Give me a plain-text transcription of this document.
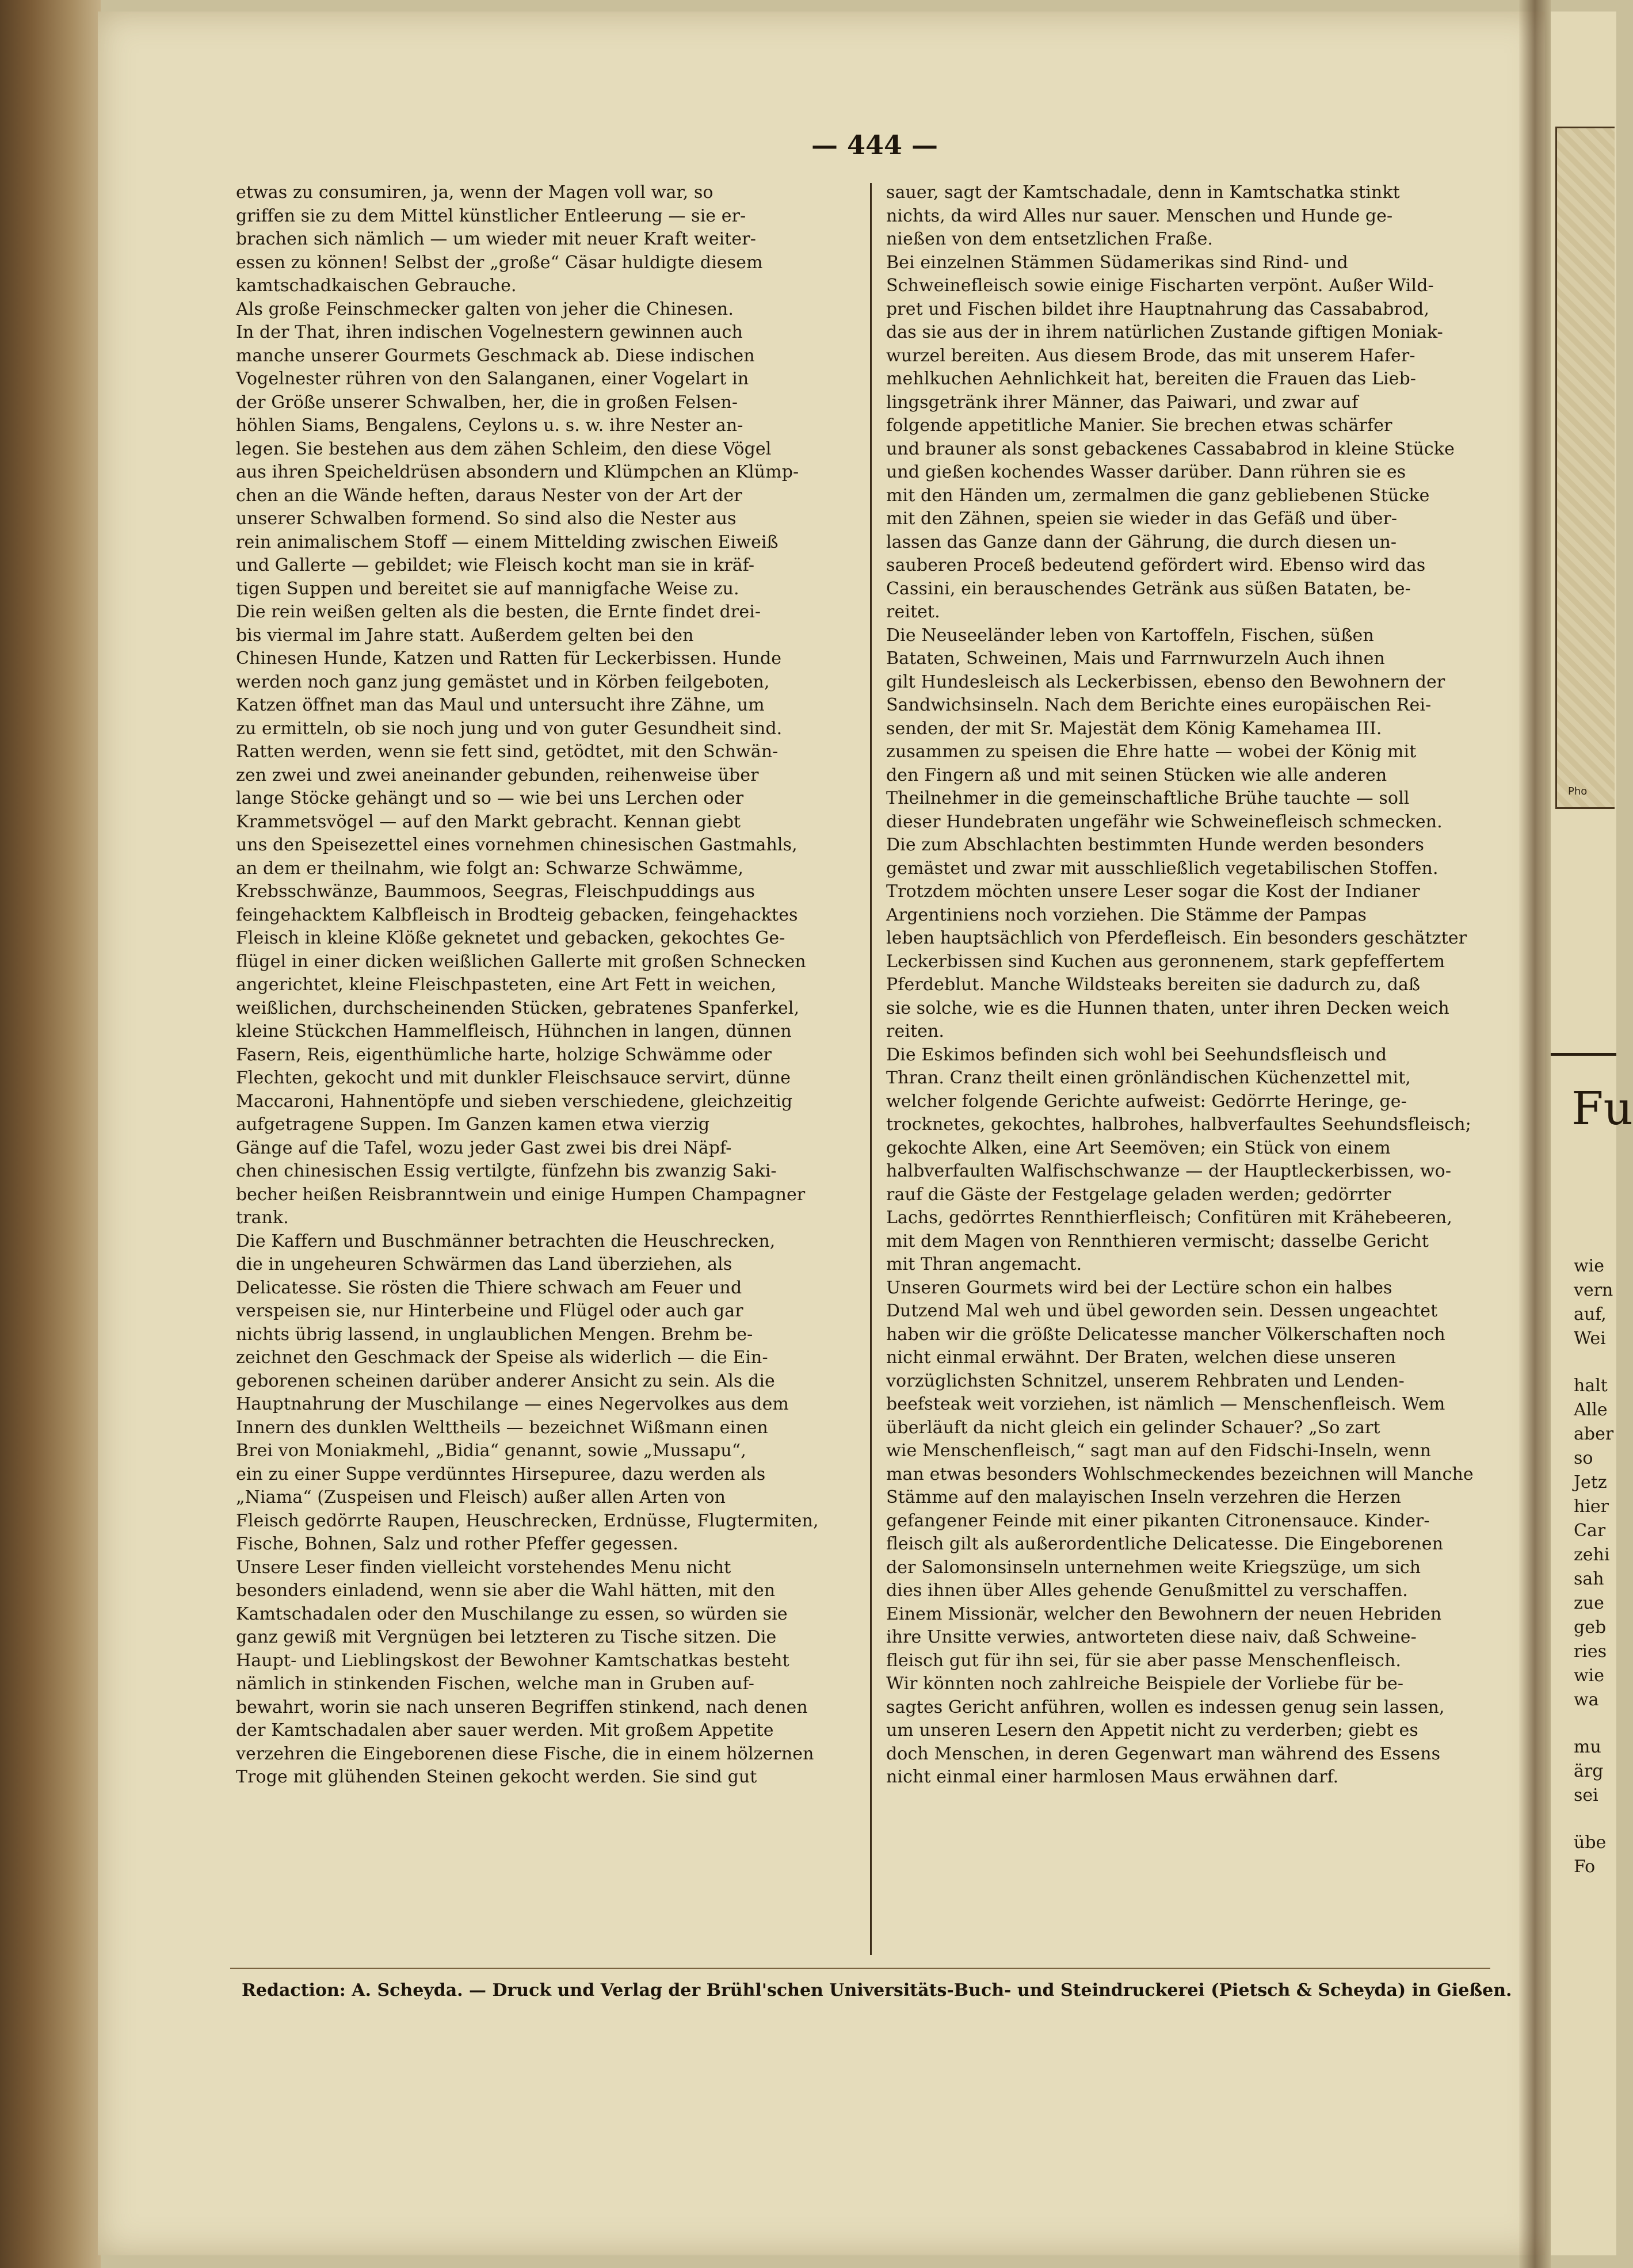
— 444 —
etwas zu consumiren, ja, wenn der Magen voll war, so
griffen sie zu dem Mittel künstlicher Entleerung — sie er-
brachen sich nämlich — um wieder mit neuer Kraft weiter-
essen zu können! Selbst der „große“ Cäsar huldigte diesem
kamtschadkaischen Gebrauche.
Als große Feinschmecker galten von jeher die Chinesen.
In der That, ihren indischen Vogelnestern gewinnen auch
manche unserer Gourmets Geschmack ab. Diese indischen
Vogelnester rühren von den Salanganen, einer Vogelart in
der Größe unserer Schwalben, her, die in großen Felsen-
höhlen Siams, Bengalens, Ceylons u. s. w. ihre Nester an-
legen. Sie bestehen aus dem zähen Schleim, den diese Vögel
aus ihren Speicheldrüsen absondern und Klümpchen an Klümp-
chen an die Wände heften, daraus Nester von der Art der
unserer Schwalben formend. So sind also die Nester aus
rein animalischem Stoff — einem Mittelding zwischen Eiweiß
und Gallerte — gebildet; wie Fleisch kocht man sie in kräf-
tigen Suppen und bereitet sie auf mannigfache Weise zu.
Die rein weißen gelten als die besten, die Ernte findet drei-
bis viermal im Jahre statt. Außerdem gelten bei den
Chinesen Hunde, Katzen und Ratten für Leckerbissen. Hunde
werden noch ganz jung gemästet und in Körben feilgeboten,
Katzen öffnet man das Maul und untersucht ihre Zähne, um
zu ermitteln, ob sie noch jung und von guter Gesundheit sind.
Ratten werden, wenn sie fett sind, getödtet, mit den Schwän-
zen zwei und zwei aneinander gebunden, reihenweise über
lange Stöcke gehängt und so — wie bei uns Lerchen oder
Krammetsvögel — auf den Markt gebracht. Kennan giebt
uns den Speisezettel eines vornehmen chinesischen Gastmahls,
an dem er theilnahm, wie folgt an: Schwarze Schwämme,
Krebsschwänze, Baummoos, Seegras, Fleischpuddings aus
feingehacktem Kalbfleisch in Brodteig gebacken, feingehacktes
Fleisch in kleine Klöße geknetet und gebacken, gekochtes Ge-
flügel in einer dicken weißlichen Gallerte mit großen Schnecken
angerichtet, kleine Fleischpasteten, eine Art Fett in weichen,
weißlichen, durchscheinenden Stücken, gebratenes Spanferkel,
kleine Stückchen Hammelfleisch, Hühnchen in langen, dünnen
Fasern, Reis, eigenthümliche harte, holzige Schwämme oder
Flechten, gekocht und mit dunkler Fleischsauce servirt, dünne
Maccaroni, Hahnentöpfe und sieben verschiedene, gleichzeitig
aufgetragene Suppen. Im Ganzen kamen etwa vierzig
Gänge auf die Tafel, wozu jeder Gast zwei bis drei Näpf-
chen chinesischen Essig vertilgte, fünfzehn bis zwanzig Saki-
becher heißen Reisbranntwein und einige Humpen Champagner
trank.
Die Kaffern und Buschmänner betrachten die Heuschrecken,
die in ungeheuren Schwärmen das Land überziehen, als
Delicatesse. Sie rösten die Thiere schwach am Feuer und
verspeisen sie, nur Hinterbeine und Flügel oder auch gar
nichts übrig lassend, in unglaublichen Mengen. Brehm be-
zeichnet den Geschmack der Speise als widerlich — die Ein-
geborenen scheinen darüber anderer Ansicht zu sein. Als die
Hauptnahrung der Muschilange — eines Negervolkes aus dem
Innern des dunklen Welttheils — bezeichnet Wißmann einen
Brei von Moniakmehl, „Bidia“ genannt, sowie „Mussapu“,
ein zu einer Suppe verdünntes Hirsepuree, dazu werden als
„Niama“ (Zuspeisen und Fleisch) außer allen Arten von
Fleisch gedörrte Raupen, Heuschrecken, Erdnüsse, Flugtermiten,
Fische, Bohnen, Salz und rother Pfeffer gegessen.
Unsere Leser finden vielleicht vorstehendes Menu nicht
besonders einladend, wenn sie aber die Wahl hätten, mit den
Kamtschadalen oder den Muschilange zu essen, so würden sie
ganz gewiß mit Vergnügen bei letzteren zu Tische sitzen. Die
Haupt- und Lieblingskost der Bewohner Kamtschatkas besteht
nämlich in stinkenden Fischen, welche man in Gruben auf-
bewahrt, worin sie nach unseren Begriffen stinkend, nach denen
der Kamtschadalen aber sauer werden. Mit großem Appetite
verzehren die Eingeborenen diese Fische, die in einem hölzernen
Troge mit glühenden Steinen gekocht werden. Sie sind gut
sauer, sagt der Kamtschadale, denn in Kamtschatka stinkt
nichts, da wird Alles nur sauer. Menschen und Hunde ge-
nießen von dem entsetzlichen Fraße.
Bei einzelnen Stämmen Südamerikas sind Rind- und
Schweinefleisch sowie einige Fischarten verpönt. Außer Wild-
pret und Fischen bildet ihre Hauptnahrung das Cassababrod,
das sie aus der in ihrem natürlichen Zustande giftigen Moniak-
wurzel bereiten. Aus diesem Brode, das mit unserem Hafer-
mehlkuchen Aehnlichkeit hat, bereiten die Frauen das Lieb-
lingsgetränk ihrer Männer, das Paiwari, und zwar auf
folgende appetitliche Manier. Sie brechen etwas schärfer
und brauner als sonst gebackenes Cassababrod in kleine Stücke
und gießen kochendes Wasser darüber. Dann rühren sie es
mit den Händen um, zermalmen die ganz gebliebenen Stücke
mit den Zähnen, speien sie wieder in das Gefäß und über-
lassen das Ganze dann der Gährung, die durch diesen un-
sauberen Proceß bedeutend gefördert wird. Ebenso wird das
Cassini, ein berauschendes Getränk aus süßen Bataten, be-
reitet.
Die Neuseeländer leben von Kartoffeln, Fischen, süßen
Bataten, Schweinen, Mais und Farrnwurzeln Auch ihnen
gilt Hundesleisch als Leckerbissen, ebenso den Bewohnern der
Sandwichsinseln. Nach dem Berichte eines europäischen Rei-
senden, der mit Sr. Majestät dem König Kamehamea III.
zusammen zu speisen die Ehre hatte — wobei der König mit
den Fingern aß und mit seinen Stücken wie alle anderen
Theilnehmer in die gemeinschaftliche Brühe tauchte — soll
dieser Hundebraten ungefähr wie Schweinefleisch schmecken.
Die zum Abschlachten bestimmten Hunde werden besonders
gemästet und zwar mit ausschließlich vegetabilischen Stoffen.
Trotzdem möchten unsere Leser sogar die Kost der Indianer
Argentiniens noch vorziehen. Die Stämme der Pampas
leben hauptsächlich von Pferdefleisch. Ein besonders geschätzter
Leckerbissen sind Kuchen aus geronnenem, stark gepfeffertem
Pferdeblut. Manche Wildsteaks bereiten sie dadurch zu, daß
sie solche, wie es die Hunnen thaten, unter ihren Decken weich
reiten.
Die Eskimos befinden sich wohl bei Seehundsfleisch und
Thran. Cranz theilt einen grönländischen Küchenzettel mit,
welcher folgende Gerichte aufweist: Gedörrte Heringe, ge-
trocknetes, gekochtes, halbrohes, halbverfaultes Seehundsfleisch;
gekochte Alken, eine Art Seemöven; ein Stück von einem
halbverfaulten Walfischschwanze — der Hauptleckerbissen, wo-
rauf die Gäste der Festgelage geladen werden; gedörrter
Lachs, gedörrtes Rennthierfleisch; Confitüren mit Krähebeeren,
mit dem Magen von Rennthieren vermischt; dasselbe Gericht
mit Thran angemacht.
Unseren Gourmets wird bei der Lectüre schon ein halbes
Dutzend Mal weh und übel geworden sein. Dessen ungeachtet
haben wir die größte Delicatesse mancher Völkerschaften noch
nicht einmal erwähnt. Der Braten, welchen diese unseren
vorzüglichsten Schnitzel, unserem Rehbraten und Lenden-
beefsteak weit vorziehen, ist nämlich — Menschenfleisch. Wem
überläuft da nicht gleich ein gelinder Schauer? „So zart
wie Menschenfleisch,“ sagt man auf den Fidschi-Inseln, wenn
man etwas besonders Wohlschmeckendes bezeichnen will Manche
Stämme auf den malayischen Inseln verzehren die Herzen
gefangener Feinde mit einer pikanten Citronensauce. Kinder-
fleisch gilt als außerordentliche Delicatesse. Die Eingeborenen
der Salomonsinseln unternehmen weite Kriegszüge, um sich
dies ihnen über Alles gehende Genußmittel zu verschaffen.
Einem Missionär, welcher den Bewohnern der neuen Hebriden
ihre Unsitte verwies, antworteten diese naiv, daß Schweine-
fleisch gut für ihn sei, für sie aber passe Menschenfleisch.
Wir könnten noch zahlreiche Beispiele der Vorliebe für be-
sagtes Gericht anführen, wollen es indessen genug sein lassen,
um unseren Lesern den Appetit nicht zu verderben; giebt es
doch Menschen, in deren Gegenwart man während des Essens
nicht einmal einer harmlosen Maus erwähnen darf.
Redaction: A. Scheyda. — Druck und Verlag der Brühl'schen Universitäts-Buch- und Steindruckerei (Pietsch & Scheyda) in Gießen.
Pho
Fu
wie
vern
auf,
Wei
halt
Alle
aber
so
Jetz
hier
Car
zehi
sah
zue
geb
ries
wie
wa
mu
ärg
sei
übe
Fo
